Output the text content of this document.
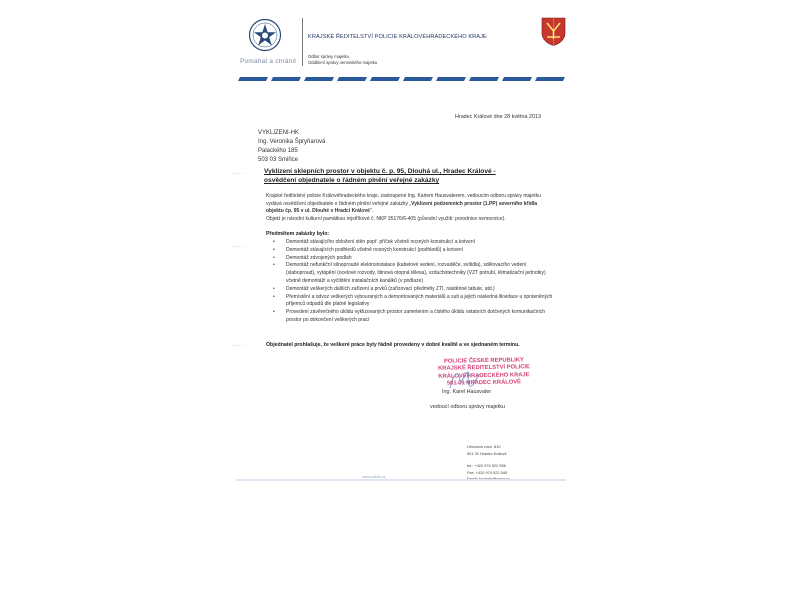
Pomáhat a chránit
KRAJSKÉ ŘEDITELSTVÍ POLICIE KRÁLOVÉHRADECKÉHO KRAJE
Odbor správy majetku
Oddělení správy nemovitého majetku
Hradec Králové dne 28 května 2013
VYKLIZENI-HK
Ing. Veronika Špryňarová
Palackého 185
503 03 Smiřice
.....
.....
.....
Vyklizení sklepních prostor v objektu č. p. 95, Dlouhá ul., Hradec Králové -
osvědčení objednatele o řádném plnění veřejné zakázky
Krajské ředitelství policie Královéhradeckého kraje, zastoupené Ing. Karlem Hausvaterem, vedoucím odboru správy majetku vydává osvědčení objednatele o řádném plnění veřejné zakázky „Vyklizení podzemních prostor (1.PP) severního křídla objektu čp. 95 v ul. Dlouhé v Hradci Králové".
Objekt je národní kulturní památkou rejstříkové č. NKP 35176/6-405 (původní využití: porodnice nemocnice).
Předmětem zakázky bylo:
• Demontáž stávajícího obložení stěn popř. příček včetně nosných konstrukcí a kotvení
• Demontáž stávajících podhledů včetně nosných konstrukcí (podhledů) a kotvení
• Demontáž zdvojených podlah
• Demontáž nefunkční silnoproudé elektroinstalace (kabelové vedení, rozvaděče, svítidla), sdělovacího vedení (slaboproud), vytápění (ocelové rozvody, litinová otopná tělesa), vzduchotechniky (VZT potrubí, klimatizační jednotky) včetně demontáží a vyčištění instalačních kanálků (v podlaze)
• Demontáž veškerých dalších zařízení a prvků (zařizovací předměty ZTI, nástěnné tabule, atd.)
• Přemístění a odvoz veškerých vybouraných a demontovaných materiálů a suti a jejich následná likvidace u oprávněných příjemců odpadů dle platné legislativy
• Provedení závěrečného úklidu vyklizovaných prostor zametením a čistého úklidu ostatních dotčených komunikačních prostor po dokončení veškerých prací
Objednatel prohlašuje, že veškeré práce byly řádně provedeny v dobré kvalitě a ve sjednaném termínu.
POLICIE ČESKÉ REPUBLIKY
KRAJSKÉ ŘEDITELSTVÍ POLICIE
KRÁLOVÉHRADECKÉHO KRAJE
501 01 HRADEC KRÁLOVÉ
Ing. Karel Hausvater
vedoucí odboru správy majetku
Ulrichovo nám. 810
501 01 Hradec Králové
tel.: +420 974 522 556
Fax: +420 974 522 549
www.policie.cz
